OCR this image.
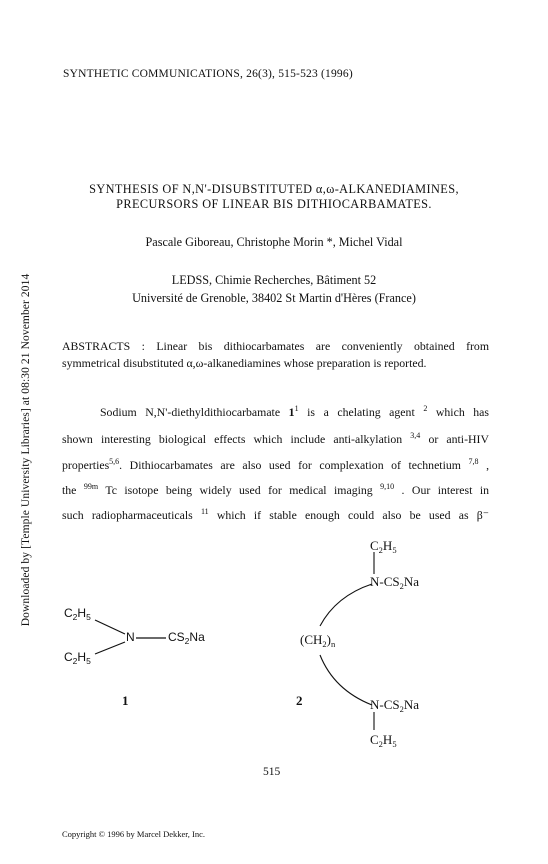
Downloaded by [Temple University Libraries] at 08:30 21 November 2014
SYNTHETIC COMMUNICATIONS, 26(3), 515-523 (1996)
SYNTHESIS OF N,N'-DISUBSTITUTED α,ω-ALKANEDIAMINES,
PRECURSORS OF LINEAR BIS DITHIOCARBAMATES.
Pascale Giboreau, Christophe Morin *, Michel Vidal
LEDSS, Chimie Recherches, Bâtiment 52
Université de Grenoble, 38402 St Martin d'Hères (France)
ABSTRACTS : Linear bis dithiocarbamates are conveniently obtained from
symmetrical disubstituted α,ω-alkanediamines whose preparation is reported.
Sodium N,N'-diethyldithiocarbamate $1^1$ is a chelating agent $^2$ which has
shown interesting biological effects which include anti-alkylation $^{3,4}$ or anti-HIV
properties$^{5,6}$. Dithiocarbamates are also used for complexation of technetium $^{7,8}$ ,
the $^{99m}$ Tc isotope being widely used for medical imaging $^{9,10}$ . Our interest in
such radiopharmaceuticals $^{11}$ which if stable enough could also be used as β⁻
$C_2H_5$
$C_2H_5$
N	$CS_2Na$
1
$C_2H_5$
$N-CS_2Na$
$(CH_2)_n$
$N-CS_2Na$
$C_2H_5$
2
515
Copyright © 1996 by Marcel Dekker, Inc.
